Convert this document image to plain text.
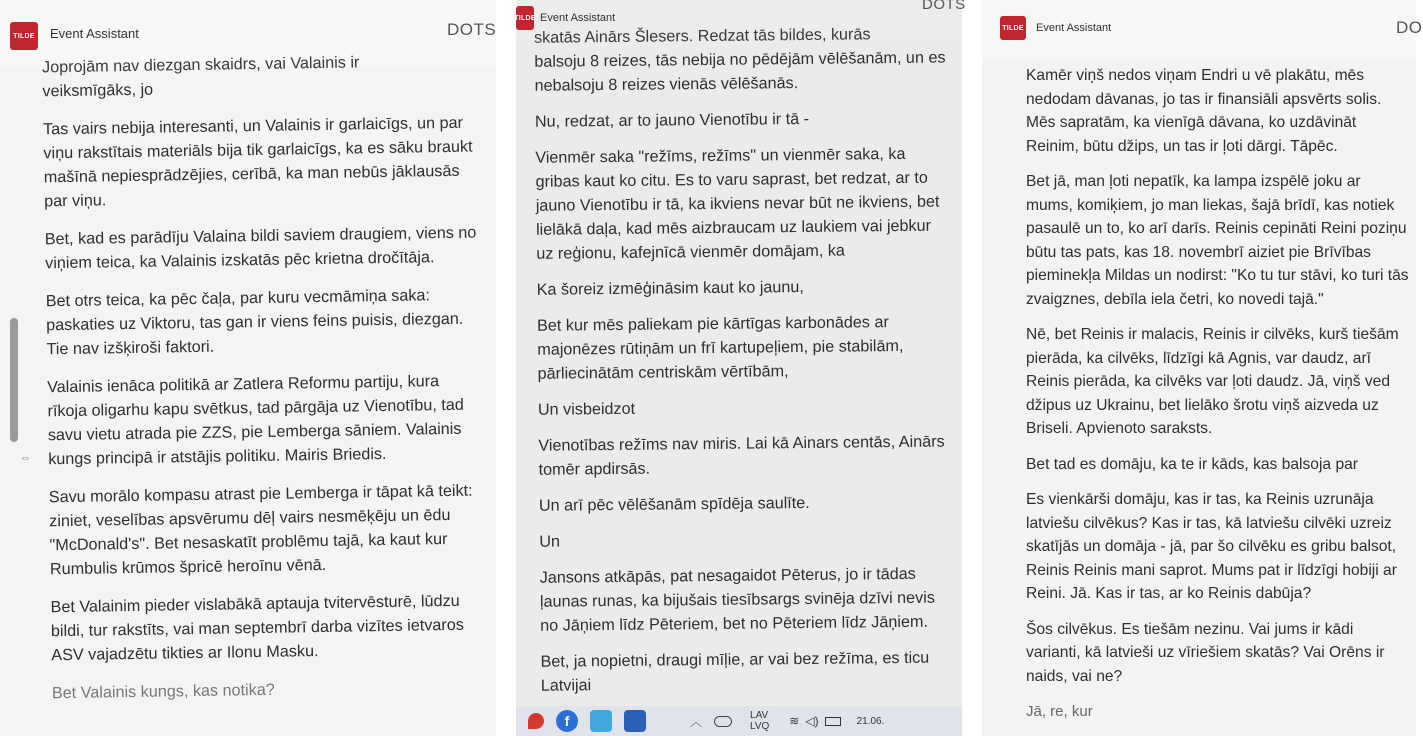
TILDE Event Assistant	DOTS
⇔

Joprojām nav diezgan skaidrs, vai Valainis ir

veiksmīgāks, jo

Tas vairs nebija interesanti, un Valainis ir garlaicīgs, un par viņu rakstītais materiāls bija tik garlaicīgs, ka es sāku braukt mašīnā nepiesprādzējies, cerībā, ka man nebūs jāklausās par viņu.

Bet, kad es parādīju Valaina bildi saviem draugiem, viens no viņiem teica, ka Valainis izskatās pēc krietna dročītāja.

Bet otrs teica, ka pēc čaļa, par kuru vecmāmiņa saka: paskaties uz Viktoru, tas gan ir viens feins puisis, diezgan. Tie nav izšķiroši faktori.

Valainis ienāca politikā ar Zatlera Reformu partiju, kura rīkoja oligarhu kapu svētkus, tad pārgāja uz Vienotību, tad savu vietu atrada pie ZZS, pie Lemberga sāniem. Valainis kungs principā ir atstājis politiku. Mairis Briedis.

Savu morālo kompasu atrast pie Lemberga ir tāpat kā teikt: ziniet, veselības apsvērumu dēļ vairs nesmēķēju un ēdu "McDonald's". Bet nesaskatīt problēmu tajā, ka kaut kur Rumbulis krūmos špricē heroīnu vēnā.

Bet Valainim pieder vislabākā aptauja tvitervēsturē, lūdzu bildi, tur rakstīts, vai man septembrī darba vizītes ietvaros ASV vajadzētu tikties ar Ilonu Masku.

Bet Valainis kungs, kas notika?

TILDE Event Assistant
DOTS

skatās Ainārs Šlesers. Redzat tās bildes, kurās

balsoju 8 reizes, tās nebija no pēdējām vēlēšanām, un es nebalsoju 8 reizes vienās vēlēšanās.

Nu, redzat, ar to jauno Vienotību ir tā -

Vienmēr saka "režīms, režīms" un vienmēr saka, ka gribas kaut ko citu. Es to varu saprast, bet redzat, ar to jauno Vienotību ir tā, ka ikviens nevar būt ne ikviens, bet lielākā daļa, kad mēs aizbraucam uz laukiem vai jebkur uz reģionu, kafejnīcā vienmēr domājam, ka

Ka šoreiz izmēģināsim kaut ko jaunu,

Bet kur mēs paliekam pie kārtīgas karbonādes ar majonēzes rūtiņām un frī kartupeļiem, pie stabilām, pārliecinātām centriskām vērtībām,

Un visbeidzot

Vienotības režīms nav miris. Lai kā Ainars centās, Ainārs tomēr apdirsās.

Un arī pēc vēlēšanām spīdēja saulīte.

Un

Jansons atkāpās, pat nesagaidot Pēterus, jo ir tādas ļaunas runas, ka bijušais tiesībsargs svinēja dzīvi nevis no Jāņiem līdz Pēteriem, bet no Pēteriem līdz Jāņiem.

Bet, ja nopietni, draugi mīļie, ar vai bez režīma, es ticu Latvijai

f	︿	LAV
LVQ ≋ ◁)	21.06.
TILDE Event Assistant	DO

Kamēr viņš nedos viņam Endri u vē plakātu, mēs nedodam dāvanas, jo tas ir finansiāli apsvērts solis. Mēs sapratām, ka vienīgā dāvana, ko uzdāvināt Reinim, būtu džips, un tas ir ļoti dārgi. Tāpēc.

Bet jā, man ļoti nepatīk, ka lampa izspēlē joku ar mums, komiķiem, jo man liekas, šajā brīdī, kas notiek pasaulē un to, ko arī darīs. Reinis cepināti Reini poziņu būtu tas pats, kas 18. novembrī aiziet pie Brīvības pieminekļa Mildas un nodirst: "Ko tu tur stāvi, ko turi tās zvaigznes, debīla iela četri, ko novedi tajā."

Nē, bet Reinis ir malacis, Reinis ir cilvēks, kurš tiešām pierāda, ka cilvēks, līdzīgi kā Agnis, var daudz, arī Reinis pierāda, ka cilvēks var ļoti daudz. Jā, viņš ved džipus uz Ukrainu, bet lielāko šrotu viņš aizveda uz Briseli. Apvienoto saraksts.

Bet tad es domāju, ka te ir kāds, kas balsoja par

Es vienkārši domāju, kas ir tas, ka Reinis uzrunāja latviešu cilvēkus? Kas ir tas, kā latviešu cilvēki uzreiz skatījās un domāja - jā, par šo cilvēku es gribu balsot, Reinis Reinis mani saprot. Mums pat ir līdzīgi hobiji ar Reini. Jā. Kas ir tas, ar ko Reinis dabūja?

Šos cilvēkus. Es tiešām nezinu. Vai jums ir kādi varianti, kā latvieši uz vīriešiem skatās? Vai Orēns ir naids, vai ne?

Jā, re, kur
